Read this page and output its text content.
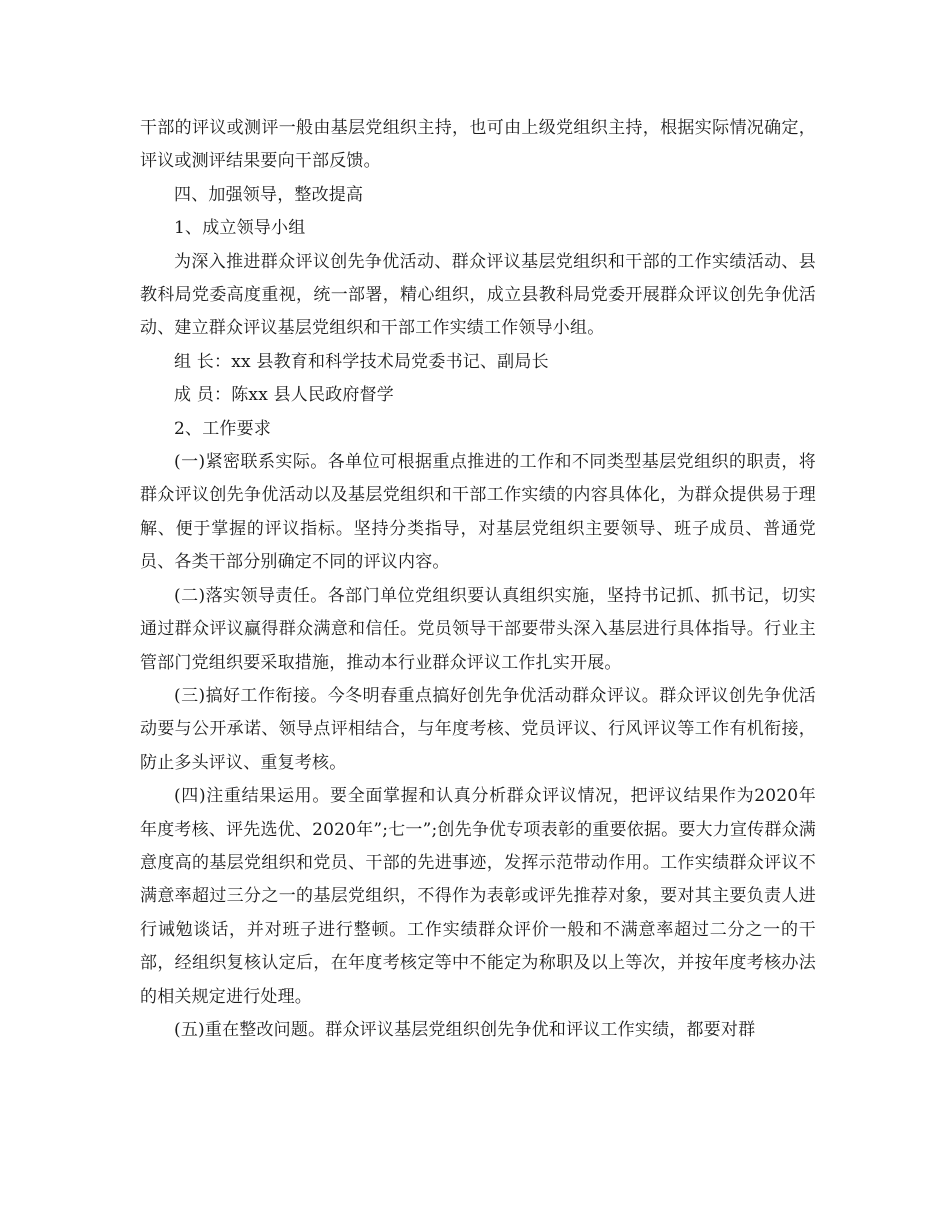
干部的评议或测评一般由基层党组织主持，也可由上级党组织主持，根据实际情况确定，评议或测评结果要向干部反馈。

四、加强领导，整改提高

1、成立领导小组

为深入推进群众评议创先争优活动、群众评议基层党组织和干部的工作实绩活动、县教科局党委高度重视，统一部署，精心组织，成立县教科局党委开展群众评议创先争优活动、建立群众评议基层党组织和干部工作实绩工作领导小组。

组 长：xx 县教育和科学技术局党委书记、副局长

成 员：陈xx 县人民政府督学

2、工作要求

(一)紧密联系实际。各单位可根据重点推进的工作和不同类型基层党组织的职责，将群众评议创先争优活动以及基层党组织和干部工作实绩的内容具体化，为群众提供易于理解、便于掌握的评议指标。坚持分类指导，对基层党组织主要领导、班子成员、普通党员、各类干部分别确定不同的评议内容。

(二)落实领导责任。各部门单位党组织要认真组织实施，坚持书记抓、抓书记，切实通过群众评议赢得群众满意和信任。党员领导干部要带头深入基层进行具体指导。行业主管部门党组织要采取措施，推动本行业群众评议工作扎实开展。

(三)搞好工作衔接。今冬明春重点搞好创先争优活动群众评议。群众评议创先争优活动要与公开承诺、领导点评相结合，与年度考核、党员评议、行风评议等工作有机衔接，防止多头评议、重复考核。

(四)注重结果运用。要全面掌握和认真分析群众评议情况，把评议结果作为2020年年度考核、评先选优、2020年”;七一”;创先争优专项表彰的重要依据。要大力宣传群众满意度高的基层党组织和党员、干部的先进事迹，发挥示范带动作用。工作实绩群众评议不满意率超过三分之一的基层党组织，不得作为表彰或评先推荐对象，要对其主要负责人进行诫勉谈话，并对班子进行整顿。工作实绩群众评价一般和不满意率超过二分之一的干部，经组织复核认定后，在年度考核定等中不能定为称职及以上等次，并按年度考核办法的相关规定进行处理。

(五)重在整改问题。群众评议基层党组织创先争优和评议工作实绩，都要对群
